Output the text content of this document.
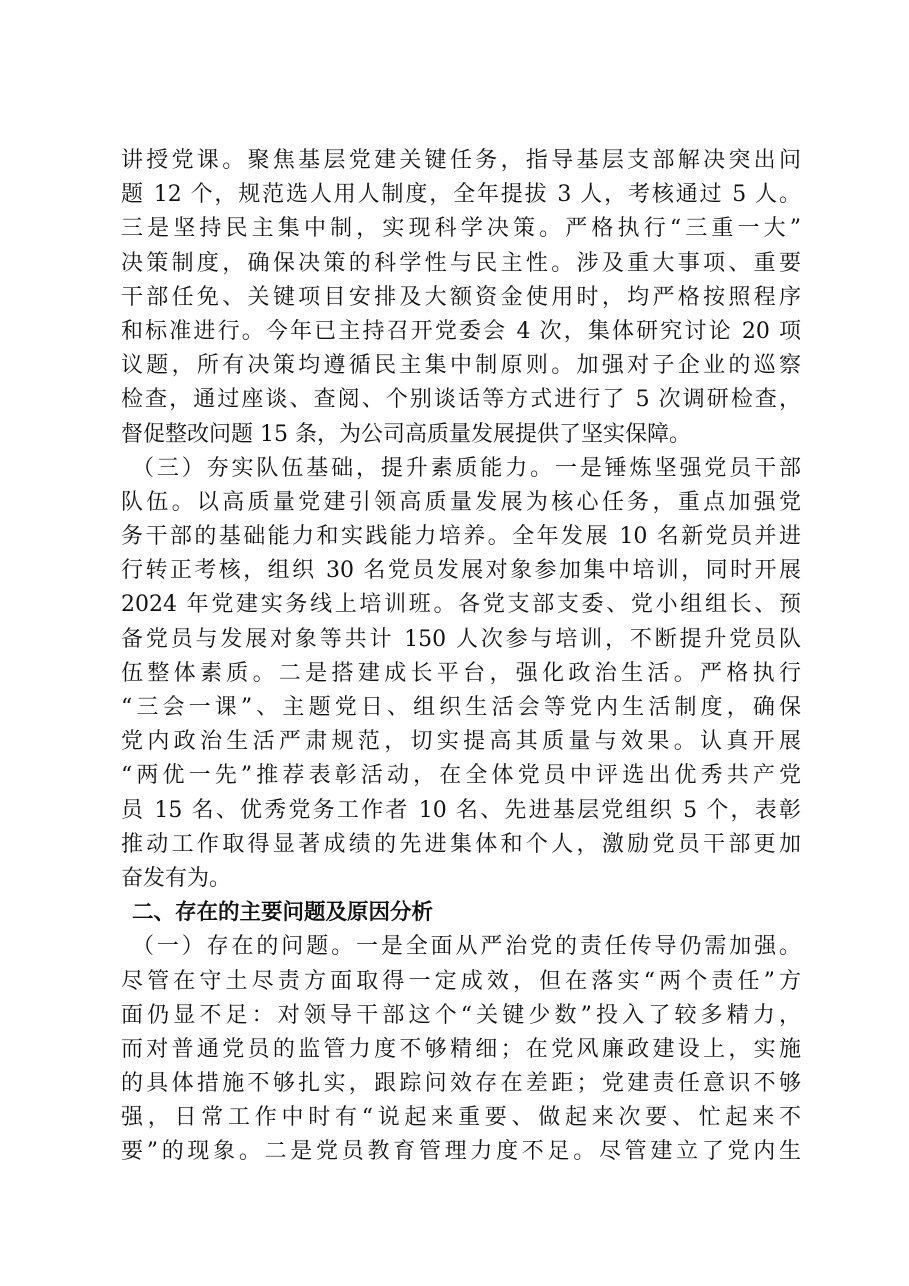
讲授党课。聚焦基层党建关键任务，指导基层支部解决突出问
题 12 个，规范选人用人制度，全年提拔 3 人，考核通过 5 人。
三是坚持民主集中制，实现科学决策。严格执行“三重一大”
决策制度，确保决策的科学性与民主性。涉及重大事项、重要
干部任免、关键项目安排及大额资金使用时，均严格按照程序
和标准进行。今年已主持召开党委会 4 次，集体研究讨论 20 项
议题，所有决策均遵循民主集中制原则。加强对子企业的巡察
检查，通过座谈、查阅、个别谈话等方式进行了 5 次调研检查，
督促整改问题 15 条，为公司高质量发展提供了坚实保障。
（三）夯实队伍基础，提升素质能力。一是锤炼坚强党员干部
队伍。以高质量党建引领高质量发展为核心任务，重点加强党
务干部的基础能力和实践能力培养。全年发展 10 名新党员并进
行转正考核，组织 30 名党员发展对象参加集中培训，同时开展
2024 年党建实务线上培训班。各党支部支委、党小组组长、预
备党员与发展对象等共计 150 人次参与培训，不断提升党员队
伍整体素质。二是搭建成长平台，强化政治生活。严格执行
“三会一课”、主题党日、组织生活会等党内生活制度，确保
党内政治生活严肃规范，切实提高其质量与效果。认真开展
“两优一先”推荐表彰活动，在全体党员中评选出优秀共产党
员 15 名、优秀党务工作者 10 名、先进基层党组织 5 个，表彰
推动工作取得显著成绩的先进集体和个人，激励党员干部更加
奋发有为。
二、存在的主要问题及原因分析
（一）存在的问题。一是全面从严治党的责任传导仍需加强。
尽管在守土尽责方面取得一定成效，但在落实“两个责任”方
面仍显不足：对领导干部这个“关键少数”投入了较多精力，
而对普通党员的监管力度不够精细；在党风廉政建设上，实施
的具体措施不够扎实，跟踪问效存在差距；党建责任意识不够
强，日常工作中时有“说起来重要、做起来次要、忙起来不
要”的现象。二是党员教育管理力度不足。尽管建立了党内生
